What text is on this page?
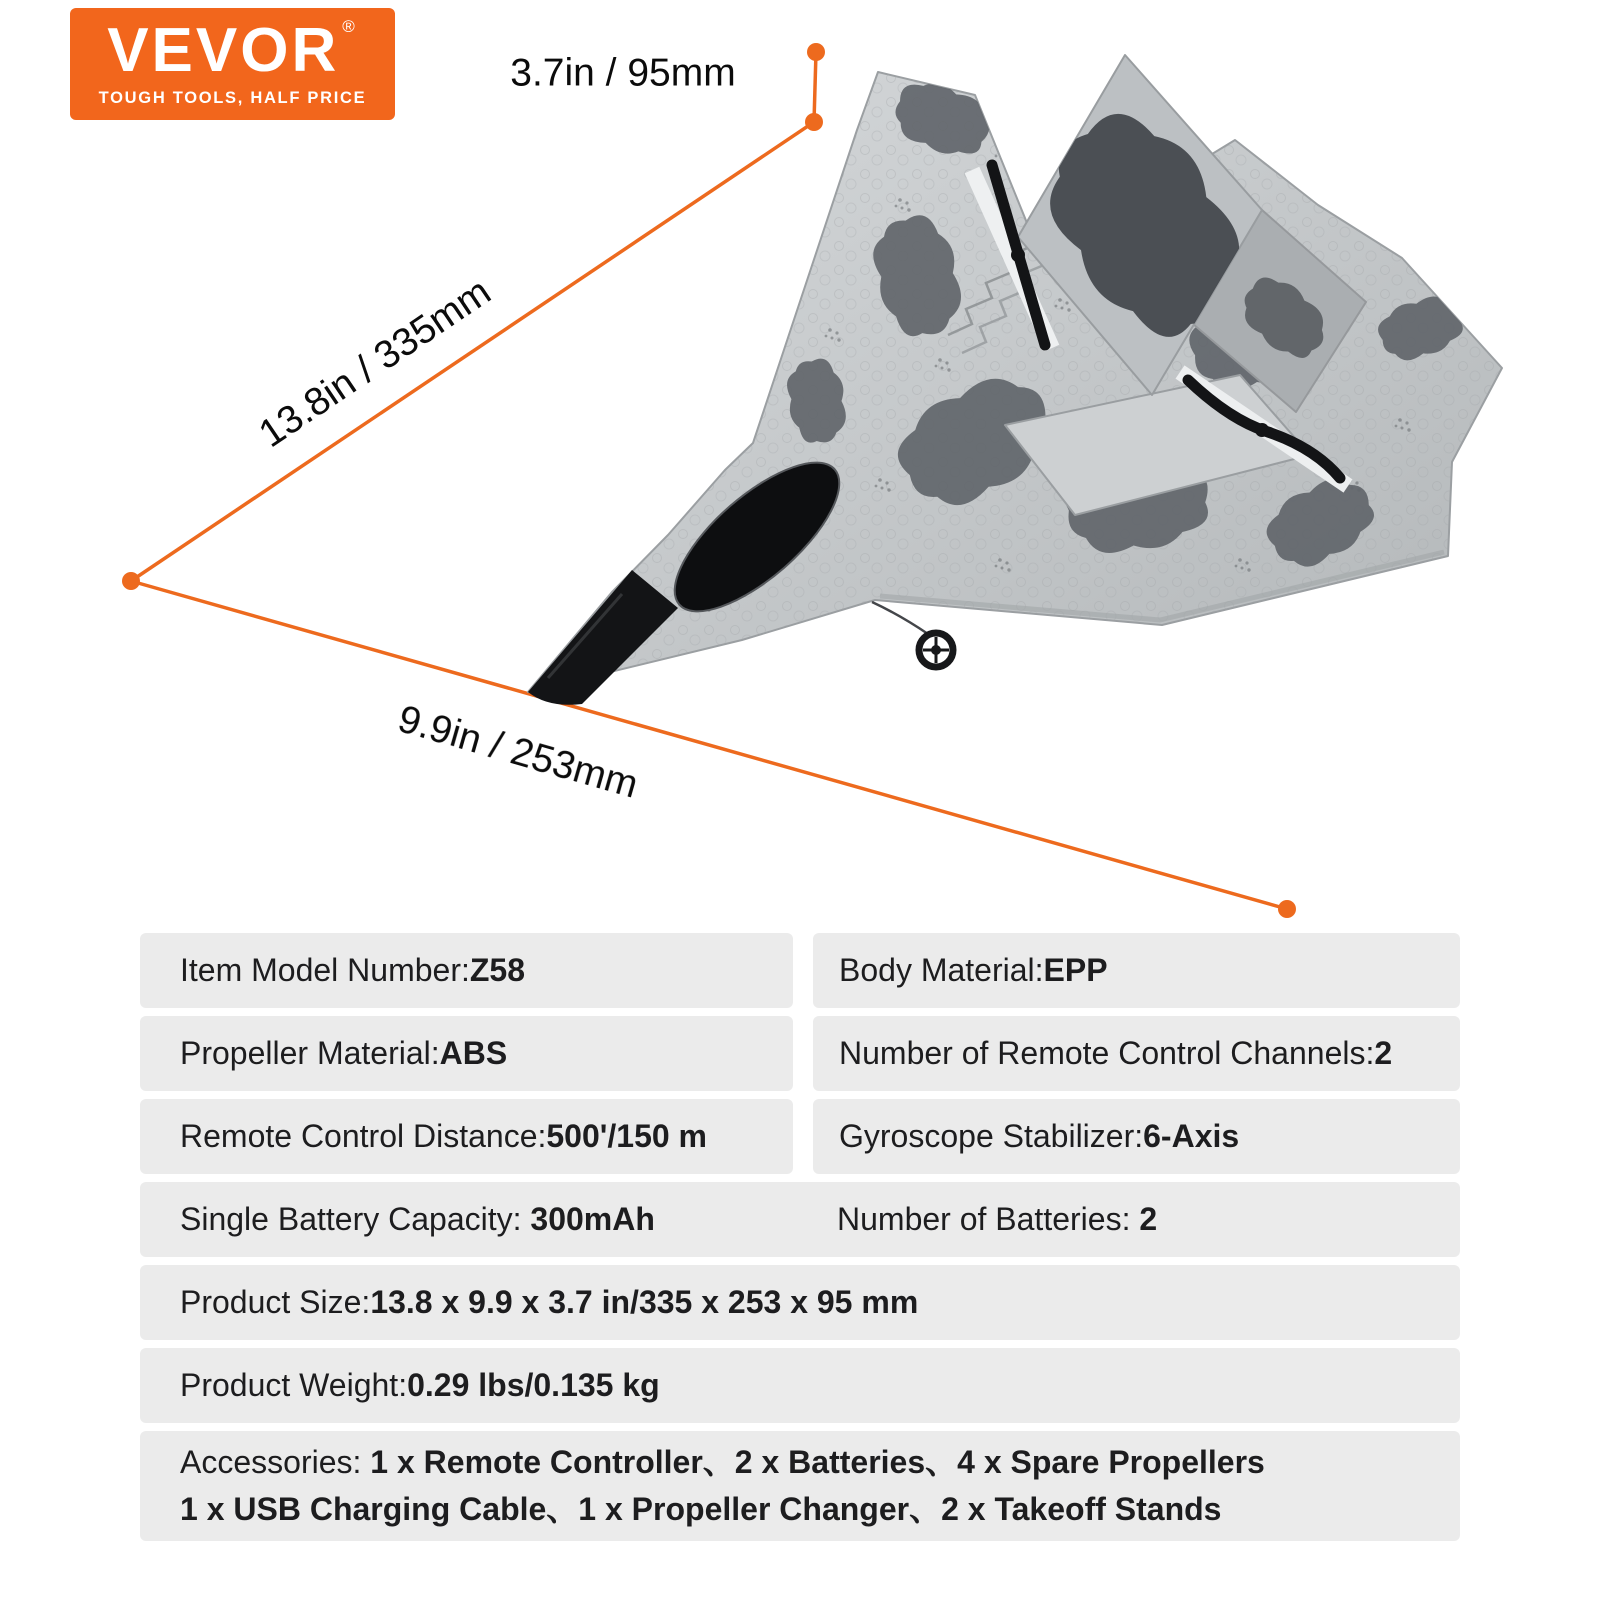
VEVOR ®
TOUGH TOOLS, HALF PRICE
3.7in / 95mm
13.8in / 335mm
9.9in / 253mm
Item Model Number: Z58	Body Material: EPP
Propeller Material: ABS	Number of Remote Control Channels: 2
Remote Control Distance: 500'/150 m	Gyroscope Stabilizer: 6-Axis
Single Battery Capacity: 300mAh	Number of Batteries: 2
Product Size: 13.8 x 9.9 x 3.7 in/335 x 253 x 95 mm
Product Weight: 0.29 lbs/0.135 kg
Accessories: 1 x Remote Controller、2 x Batteries、4 x Spare Propellers
1 x USB Charging Cable、1 x Propeller Changer、2 x Takeoff Stands
